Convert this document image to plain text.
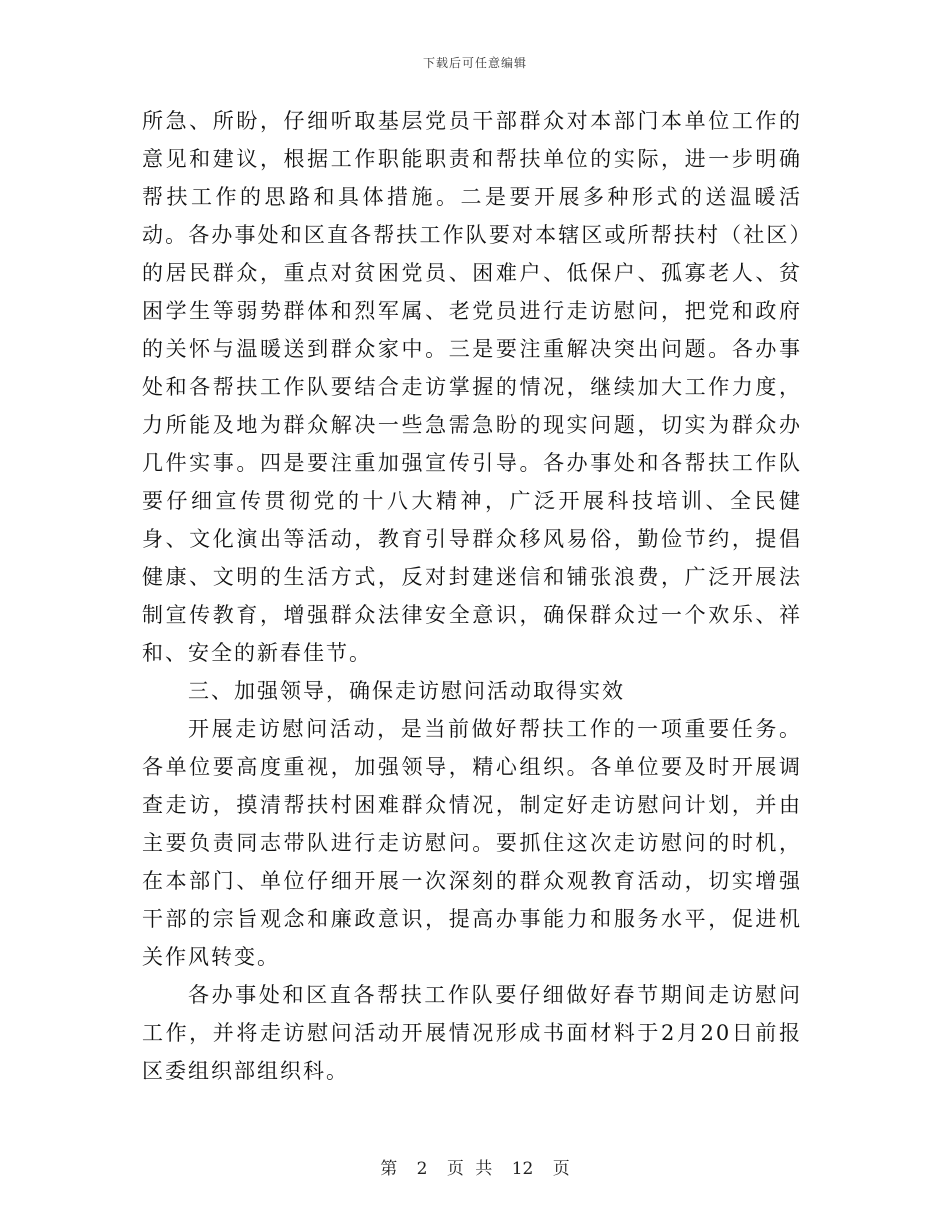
下载后可任意编辑

所急、所盼，仔细听取基层党员干部群众对本部门本单位工作的意见和建议，根据工作职能职责和帮扶单位的实际，进一步明确帮扶工作的思路和具体措施。二是要开展多种形式的送温暖活动。各办事处和区直各帮扶工作队要对本辖区或所帮扶村（社区）的居民群众，重点对贫困党员、困难户、低保户、孤寡老人、贫困学生等弱势群体和烈军属、老党员进行走访慰问，把党和政府的关怀与温暖送到群众家中。三是要注重解决突出问题。各办事处和各帮扶工作队要结合走访掌握的情况，继续加大工作力度，力所能及地为群众解决一些急需急盼的现实问题，切实为群众办几件实事。四是要注重加强宣传引导。各办事处和各帮扶工作队要仔细宣传贯彻党的十八大精神，广泛开展科技培训、全民健身、文化演出等活动，教育引导群众移风易俗，勤俭节约，提倡健康、文明的生活方式，反对封建迷信和铺张浪费，广泛开展法制宣传教育，增强群众法律安全意识，确保群众过一个欢乐、祥和、安全的新春佳节。

三、加强领导，确保走访慰问活动取得实效

开展走访慰问活动，是当前做好帮扶工作的一项重要任务。各单位要高度重视，加强领导，精心组织。各单位要及时开展调查走访，摸清帮扶村困难群众情况，制定好走访慰问计划，并由主要负责同志带队进行走访慰问。要抓住这次走访慰问的时机，在本部门、单位仔细开展一次深刻的群众观教育活动，切实增强干部的宗旨观念和廉政意识，提高办事能力和服务水平，促进机关作风转变。

各办事处和区直各帮扶工作队要仔细做好春节期间走访慰问工作，并将走访慰问活动开展情况形成书面材料于2月20日前报区委组织部组织科。

第 2 页 共 12 页
